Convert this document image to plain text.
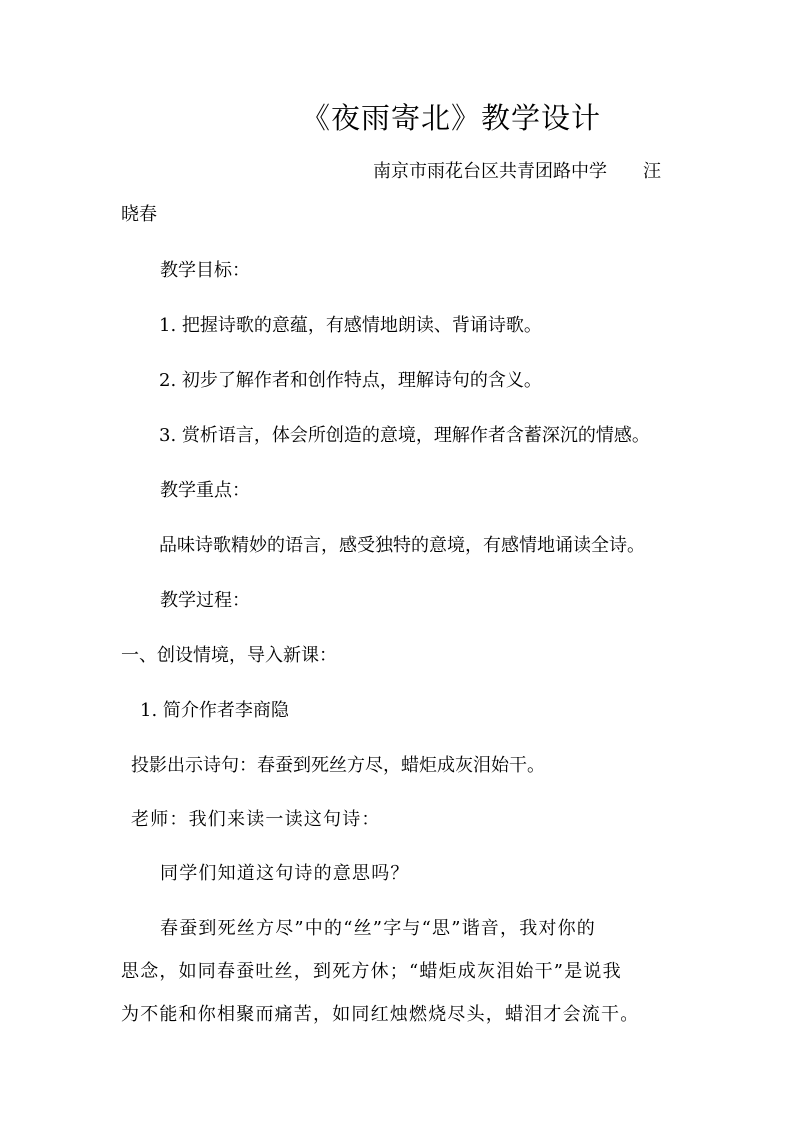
《夜雨寄北》教学设计
南京市雨花台区共青团路中学　　汪
晓春
教学目标：
1. 把握诗歌的意蕴，有感情地朗读、背诵诗歌。
2. 初步了解作者和创作特点，理解诗句的含义。
3. 赏析语言，体会所创造的意境，理解作者含蓄深沉的情感。
教学重点：
品味诗歌精妙的语言，感受独特的意境，有感情地诵读全诗。
教学过程：
一、创设情境，导入新课：
1. 简介作者李商隐
投影出示诗句：春蚕到死丝方尽，蜡炬成灰泪始干。
老师：我们来读一读这句诗：
同学们知道这句诗的意思吗？
春蚕到死丝方尽”中的“丝”字与“思”谐音，我对你的
思念，如同春蚕吐丝，到死方休；“蜡炬成灰泪始干”是说我
为不能和你相聚而痛苦，如同红烛燃烧尽头，蜡泪才会流干。
